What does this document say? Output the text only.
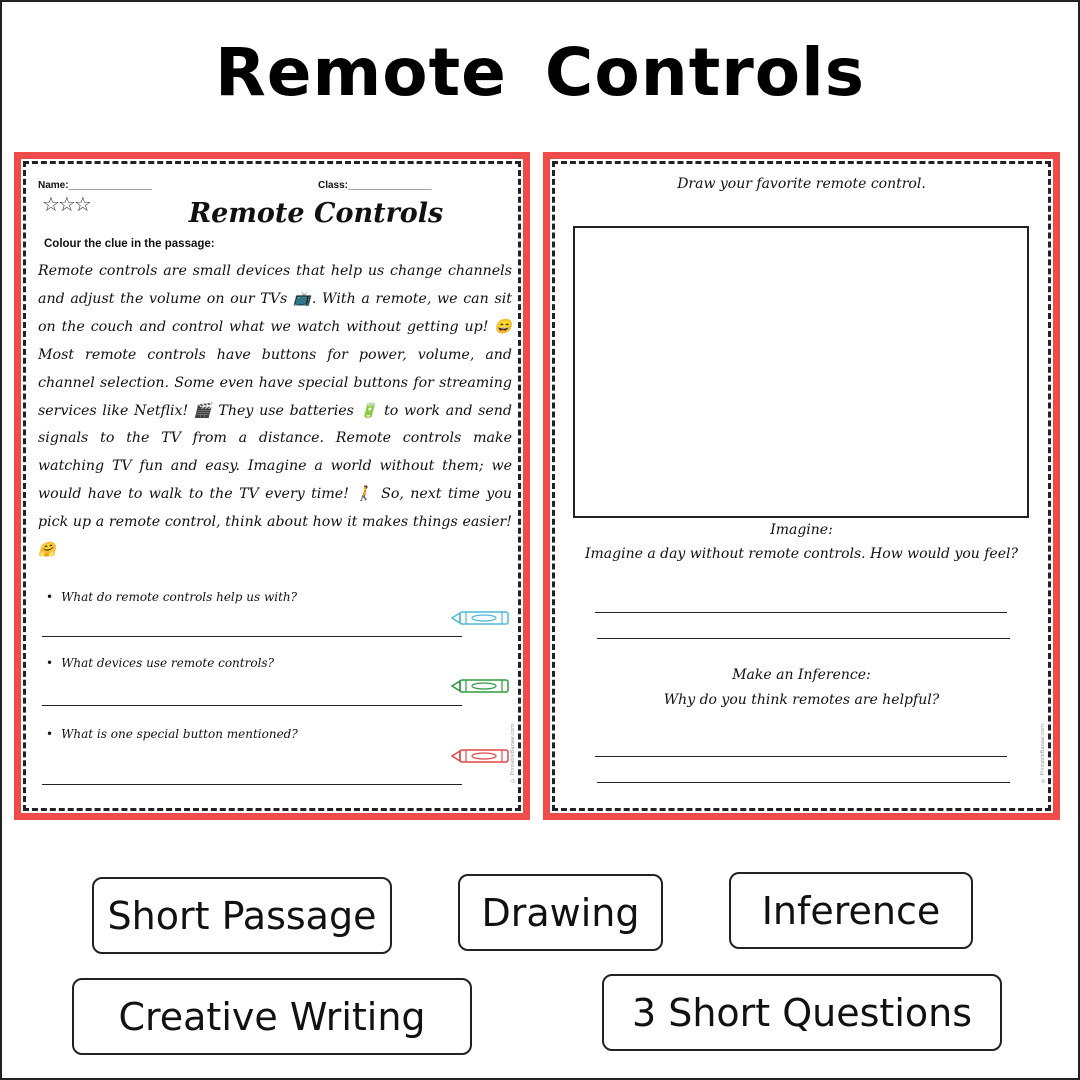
Remote Controls
Name:_______________	Class:_______________
☆☆☆	Remote Controls
Colour the clue in the passage:
Remote controls are small devices that help us change channels and adjust the volume on our TVs 📺. With a remote, we can sit on the couch and control what we watch without getting up! 😄 Most remote controls have buttons for power, volume, and channel selection. Some even have special buttons for streaming services like Netflix! 🎬 They use batteries 🔋 to work and send signals to the TV from a distance. Remote controls make watching TV fun and easy. Imagine a world without them; we would have to walk to the TV every time! 🚶 So, next time you pick up a remote control, think about how it makes things easier! 🤗
• What do remote controls help us with?
• What devices use remote controls?
• What is one special button mentioned?	© PrintableBazaar.com
Draw your favorite remote control.
Imagine:
Imagine a day without remote controls. How would you feel?
Make an Inference:
Why do you think remotes are helpful?
© PrintableBazaar.com
Short Passage	Drawing	Inference
Creative Writing	3 Short Questions
